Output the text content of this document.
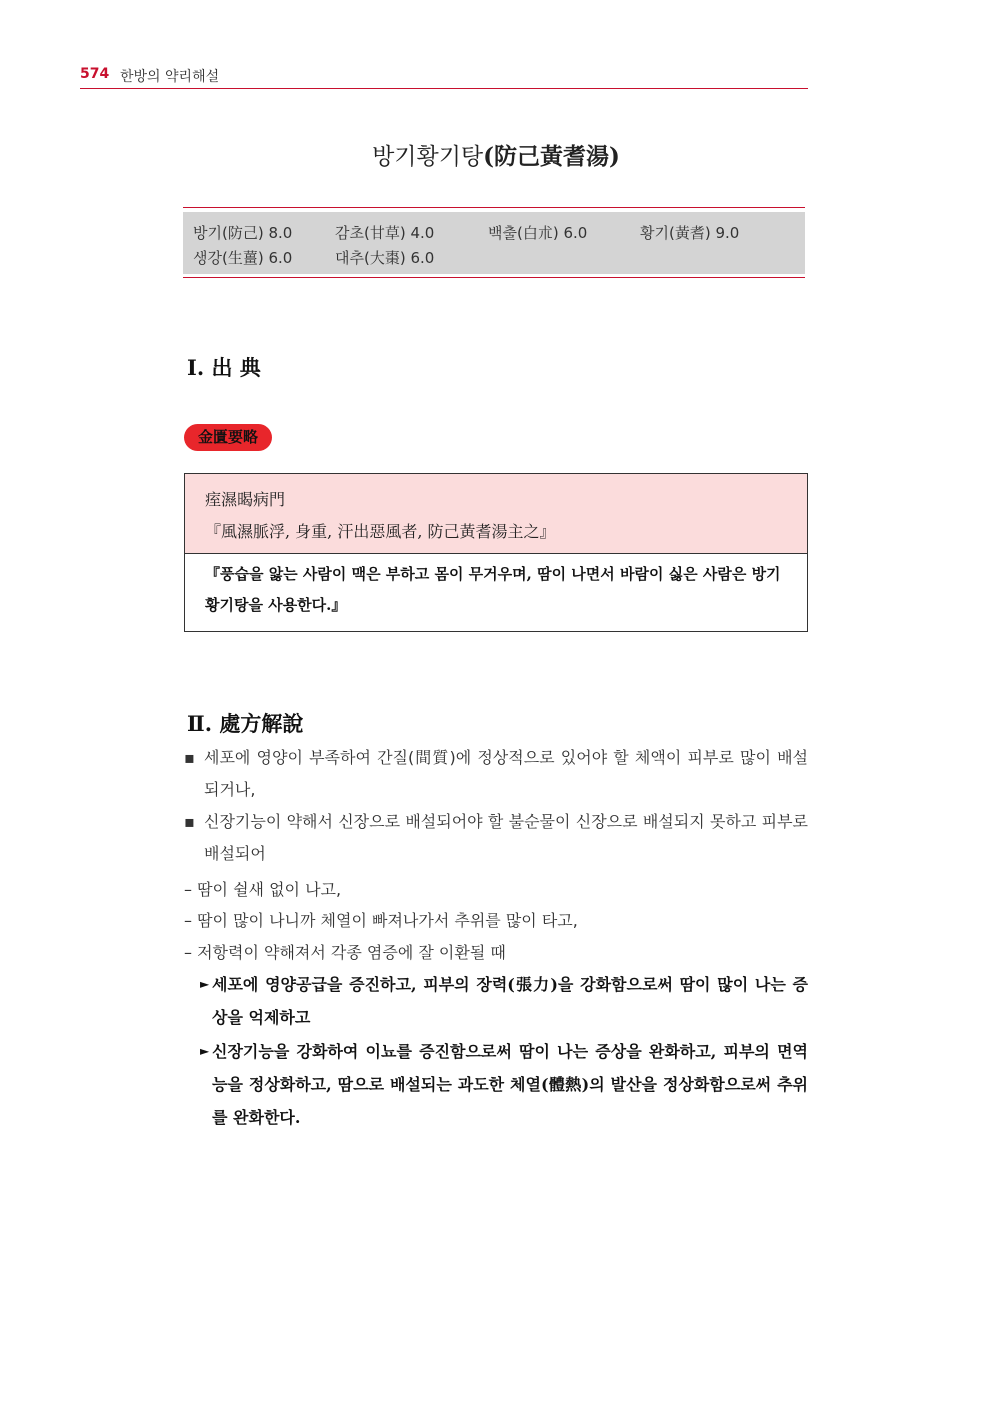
574 한방의 약리해설
방기황기탕(防己黃耆湯)
방기(防己) 8.0	감초(甘草) 4.0	백출(白朮) 6.0	황기(黃耆) 9.0
생강(生薑) 6.0	대추(大棗) 6.0
Ⅰ. 出 典
金匱要略
痓濕暍病門
『風濕脈浮, 身重, 汗出惡風者, 防己黃耆湯主之』
『풍습을 앓는 사람이 맥은 부하고 몸이 무거우며, 땀이 나면서 바람이 싫은 사람은 방기황기탕을 사용한다.』
Ⅱ. 處方解說
▪ 세포에 영양이 부족하여 간질(間質)에 정상적으로 있어야 할 체액이 피부로 많이 배설되거나,
▪ 신장기능이 약해서 신장으로 배설되어야 할 불순물이 신장으로 배설되지 못하고 피부로 배설되어
– 땀이 쉴새 없이 나고,
– 땀이 많이 나니까 체열이 빠져나가서 추위를 많이 타고,
– 저항력이 약해져서 각종 염증에 잘 이환될 때
► 세포에 영양공급을 증진하고, 피부의 장력(張力)을 강화함으로써 땀이 많이 나는 증상을 억제하고
► 신장기능을 강화하여 이뇨를 증진함으로써 땀이 나는 증상을 완화하고, 피부의 면역능을 정상화하고, 땀으로 배설되는 과도한 체열(體熱)의 발산을 정상화함으로써 추위를 완화한다.
